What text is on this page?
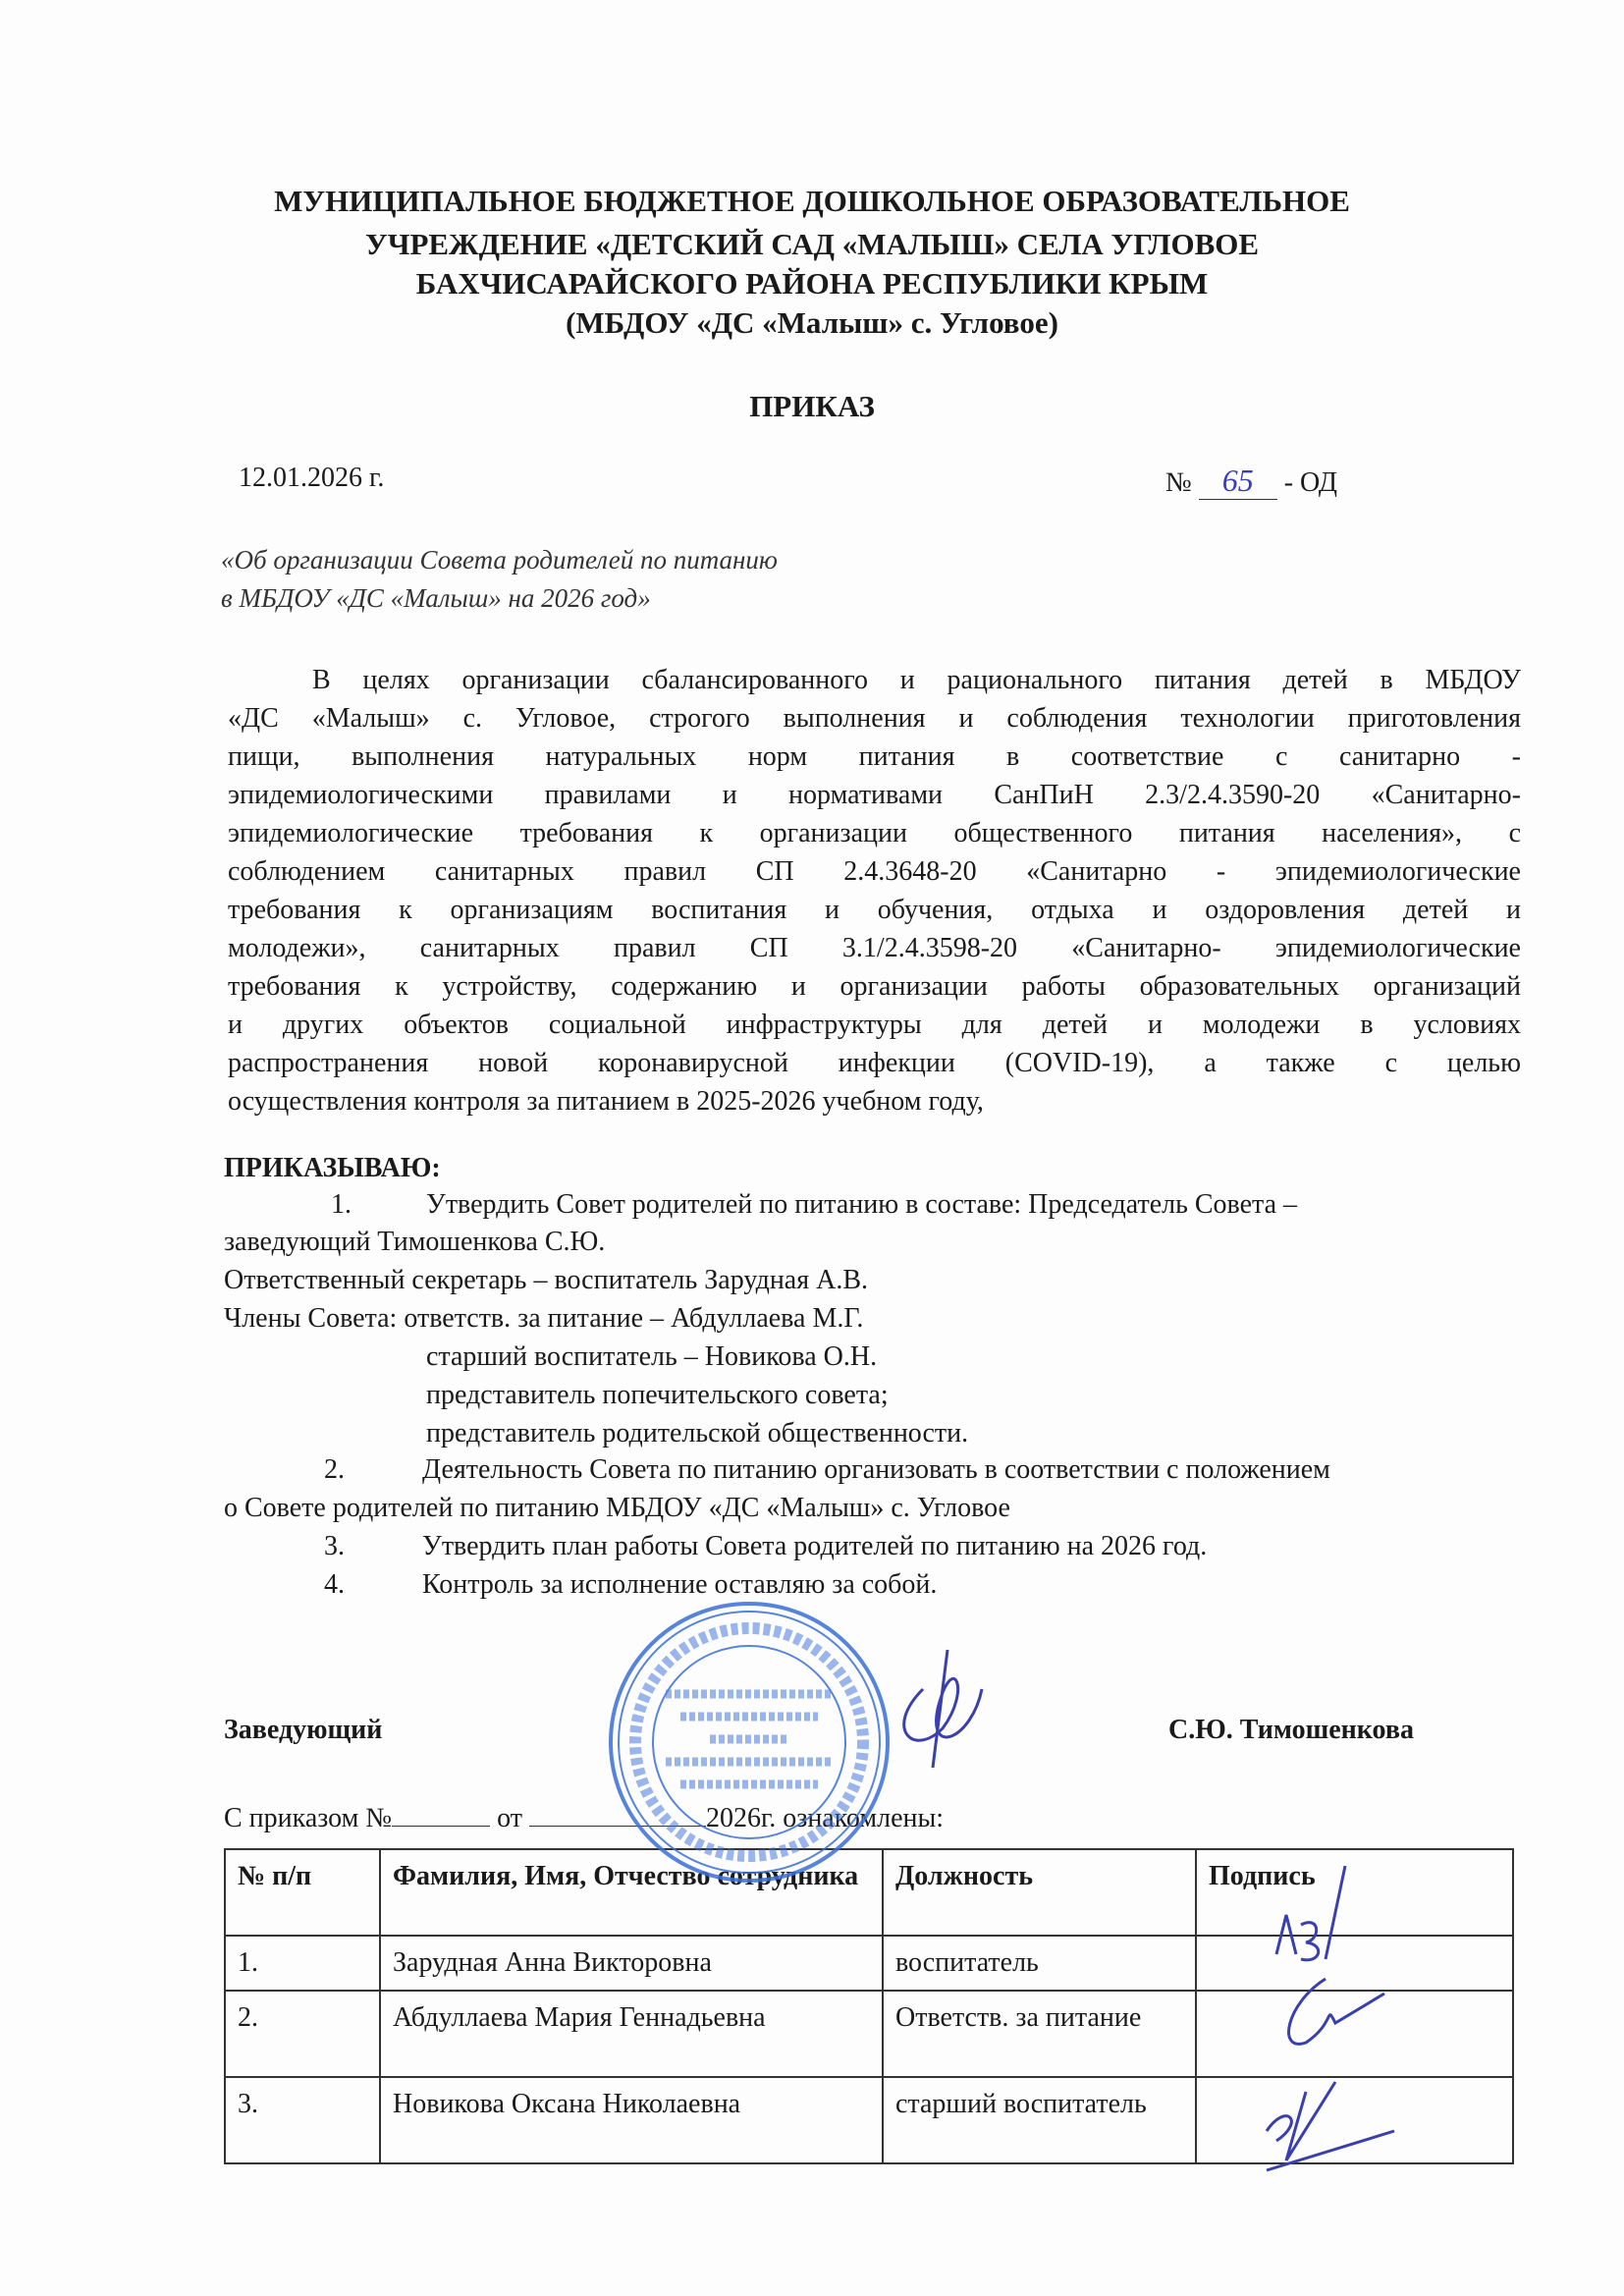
МУНИЦИПАЛЬНОЕ БЮДЖЕТНОЕ ДОШКОЛЬНОЕ ОБРАЗОВАТЕЛЬНОЕ
УЧРЕЖДЕНИЕ «ДЕТСКИЙ САД «МАЛЫШ» СЕЛА УГЛОВОЕ
БАХЧИСАРАЙСКОГО РАЙОНА РЕСПУБЛИКИ КРЫМ
(МБДОУ «ДС «Малыш» с. Угловое)
ПРИКАЗ
12.01.2026 г.	№ 65 - ОД
«Об организации Совета родителей по питанию
в МБДОУ «ДС «Малыш» на 2026 год»
В целях организации сбалансированного и рационального питания детей в МБДОУ
«ДС «Малыш» с. Угловое, строгого выполнения и соблюдения технологии приготовления
пищи, выполнения натуральных норм питания в соответствие с санитарно -
эпидемиологическими правилами и нормативами СанПиН 2.3/2.4.3590-20 «Санитарно-
эпидемиологические требования к организации общественного питания населения», с
соблюдением санитарных правил СП 2.4.3648-20 «Санитарно - эпидемиологические
требования к организациям воспитания и обучения, отдыха и оздоровления детей и
молодежи», санитарных правил СП 3.1/2.4.3598-20 «Санитарно- эпидемиологические
требования к устройству, содержанию и организации работы образовательных организаций
и других объектов социальной инфраструктуры для детей и молодежи в условиях
распространения новой коронавирусной инфекции (COVID-19), а также с целью
осуществления контроля за питанием в 2025-2026 учебном году,
ПРИКАЗЫВАЮ:
1.	Утвердить Совет родителей по питанию в составе: Председатель Совета –
заведующий Тимошенкова С.Ю.
Ответственный секретарь – воспитатель Зарудная А.В.
Члены Совета: ответств. за питание – Абдуллаева М.Г.
старший воспитатель – Новикова О.Н.
представитель попечительского совета;
представитель родительской общественности.
2.	Деятельность Совета по питанию организовать в соответствии с положением
о Совете родителей по питанию МБДОУ «ДС «Малыш» с. Угловое
3.	Утвердить план работы Совета родителей по питанию на 2026 год.
4.	Контроль за исполнение оставляю за собой.
Заведующий	С.Ю. Тимошенкова
С приказом №	от	2026г. ознакомлены:
№ п/п	Фамилия, Имя, Отчество сотрудника	Должность	Подпись
1.	Зарудная Анна Викторовна	воспитатель	
2.	Абдуллаева Мария Геннадьевна	Ответств. за питание	
3.	Новикова Оксана Николаевна	старший воспитатель	
